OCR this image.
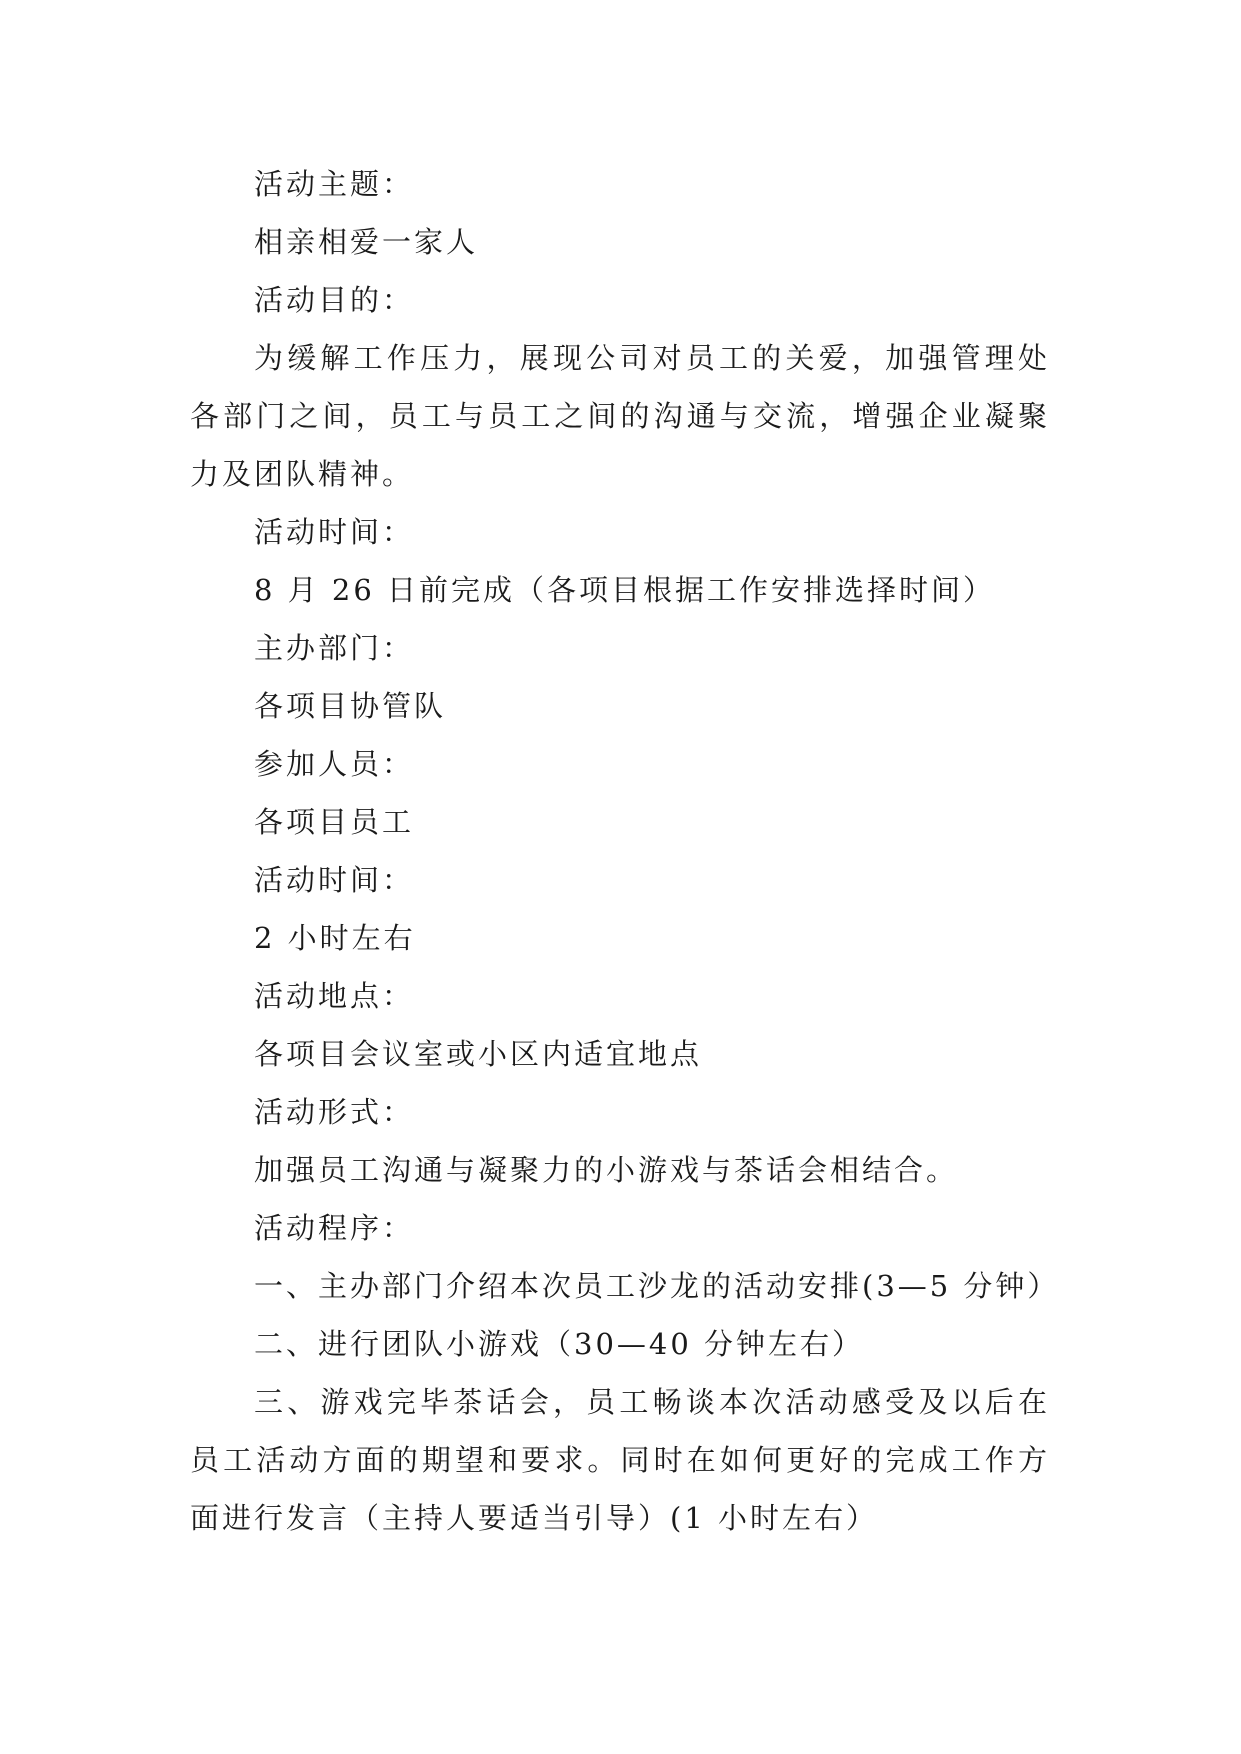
活动主题：

相亲相爱一家人

活动目的：

为缓解工作压力，展现公司对员工的关爱，加强管理处各部门之间，员工与员工之间的沟通与交流，增强企业凝聚力及团队精神。

活动时间：

8 月 26 日前完成（各项目根据工作安排选择时间）

主办部门：

各项目协管队

参加人员：

各项目员工

活动时间：

2 小时左右

活动地点：

各项目会议室或小区内适宜地点

活动形式：

加强员工沟通与凝聚力的小游戏与茶话会相结合。

活动程序：

一、主办部门介绍本次员工沙龙的活动安排(3—5 分钟）

二、进行团队小游戏（30—40 分钟左右）

三、游戏完毕茶话会，员工畅谈本次活动感受及以后在员工活动方面的期望和要求。同时在如何更好的完成工作方面进行发言（主持人要适当引导）(1 小时左右）
